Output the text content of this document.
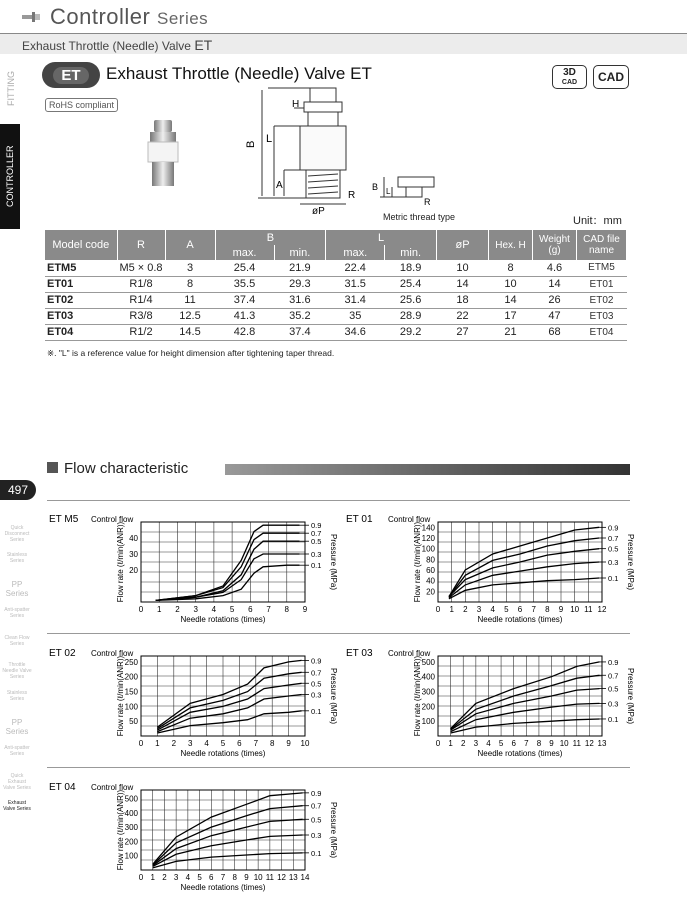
Controller Series
Exhaust Throttle (Needle) Valve ET
FITTING
CONTROLLER
497
Quick Disconnect Series
Stainless Series
PP Series
Anti-spatter Series
Clean Flow Series
Throttle Needle Valve Series
Stainless Series
PP Series
Anti-spatter Series
Quick Exhaust Valve Series
Exhaust Valve Series
ET	Exhaust Throttle (Needle) Valve ET
RoHS compliant
3D
CAD	CAD
H
B L
A
R
øP
B L
R
Metric thread type	Unit：mm
Model code	R	A	B		L		øP	Hex. H	Weight (g)	CAD file name
			max.	min.	max.	min.				
ETM5	M5 × 0.8	3	25.4	21.9	22.4	18.9	10	8	4.6	ETM5
ET01	R1/8	8	35.5	29.3	31.5	25.4	14	10	14	ET01
ET02	R1/4	11	37.4	31.6	31.4	25.6	18	14	26	ET02
ET03	R3/8	12.5	41.3	35.2	35	28.9	22	17	47	ET03
ET04	R1/2	14.5	42.8	37.4	34.6	29.2	27	21	68	ET04
※. "L" is a reference value for height dimension after tightening taper thread.
Flow characteristic
ET M5 Control flow
0 1 2 3 4 5 6 7 8 9
20
30
40
Needle rotations (times)
Flow rate (ℓ/min(ANR))	Pressure (MPa)
0.9
0.7
0.5
0.3
0.1
ET 01 Control flow
0 1 2 3 4 5 6 7 8 9 10 11 12
20
40
60
80
100
120
140
Needle rotations (times)
Flow rate (ℓ/min(ANR))	Pressure (MPa)
0.9
0.7
0.5
0.3
0.1
ET 02 Control flow
0 1 2 3 4 5 6 7 8 9 10
50
100
150
200
250
Needle rotations (times)
Flow rate (ℓ/min(ANR))	Pressure (MPa)
0.9
0.7
0.5
0.3
0.1
ET 03 Control flow
0 1 2 3 4 5 6 7 8 9 10 11 12 13
100
200
300
400
500
Needle rotations (times)
Flow rate (ℓ/min(ANR))	Pressure (MPa)
0.9
0.7
0.5
0.3
0.1
ET 04 Control flow
0 1 2 3 4 5 6 7 8 9 10 11 12 13 14
100
200
300
400
500
Needle rotations (times)
Flow rate (ℓ/min(ANR))	Pressure (MPa)
0.9
0.7
0.5
0.3
0.1
